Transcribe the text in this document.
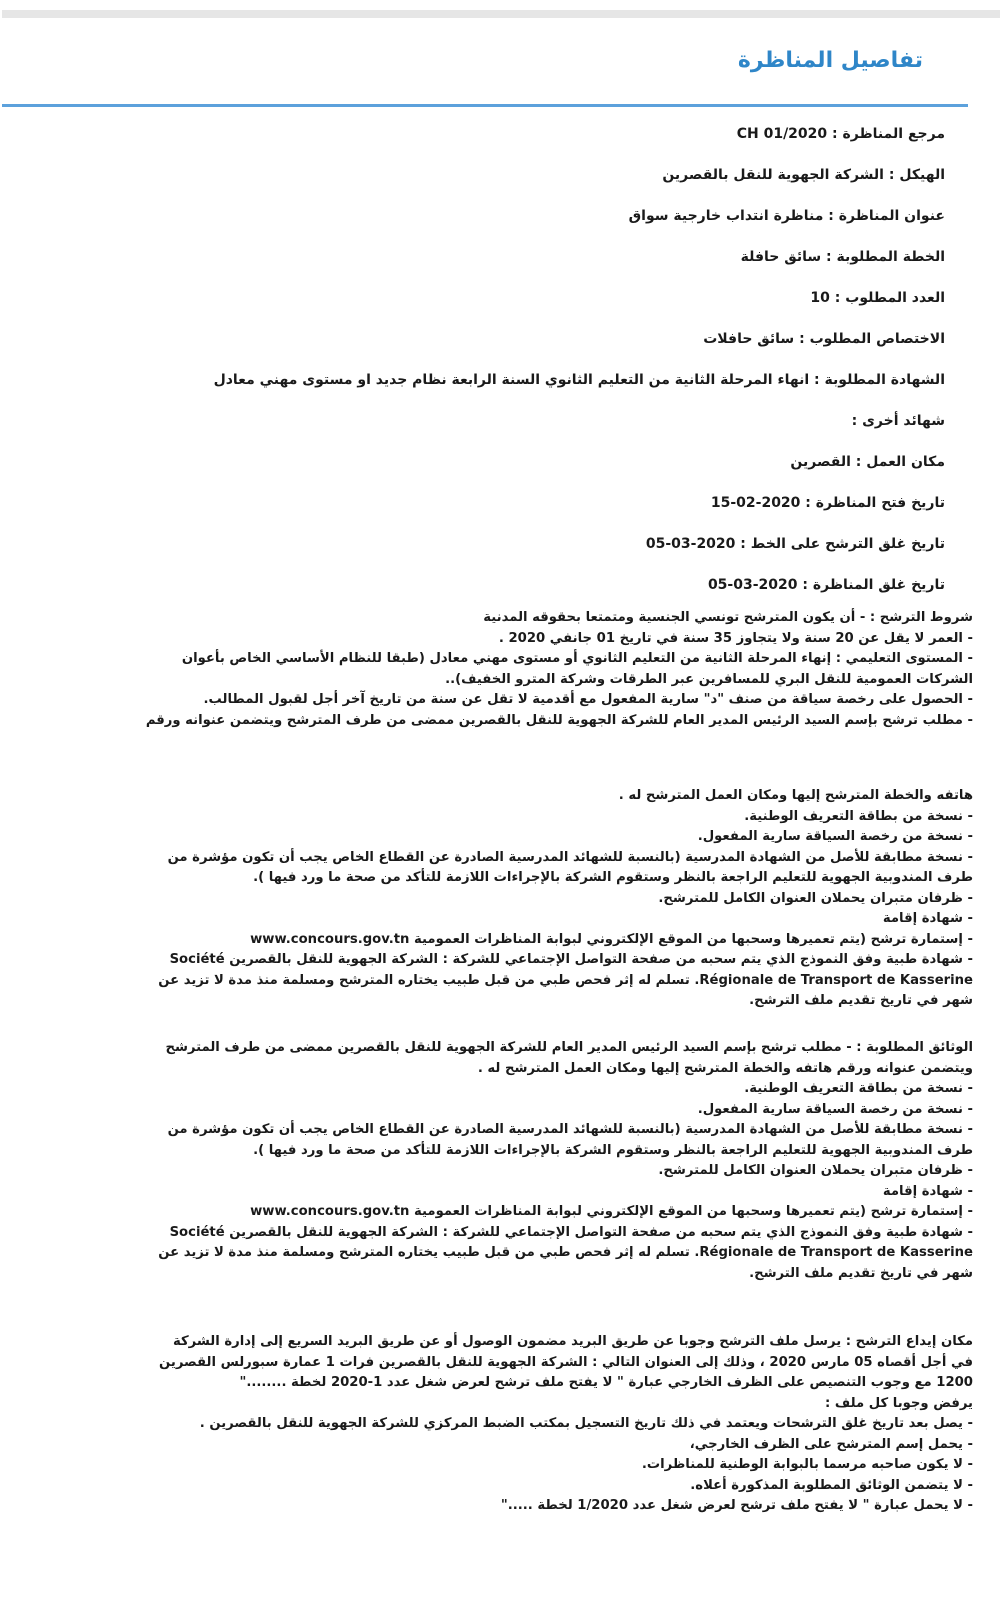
تفاصيل المناظرة
مرجع المناظرة : CH 01/2020
الهيكل : الشركة الجهوية للنقل بالقصرين
عنوان المناظرة : مناظرة انتداب خارجية سواق
الخطة المطلوبة : سائق حافلة
العدد المطلوب : 10
الاختصاص المطلوب : سائق حافلات
الشهادة المطلوبة : انهاء المرحلة الثانية من التعليم الثانوي السنة الرابعة نظام جديد او مستوى مهني معادل
شهائد أخرى :
مكان العمل : القصرين
تاريخ فتح المناظرة : 2020-02-15
تاريخ غلق الترشح على الخط : 2020-03-05
تاريخ غلق المناظرة : 2020-03-05
شروط الترشح : - أن يكون المترشح تونسي الجنسية ومتمتعا بحقوقه المدنية
- العمر لا يقل عن 20 سنة ولا يتجاوز 35 سنة في تاريخ 01 جانفي 2020 .
- المستوى التعليمي : إنهاء المرحلة الثانية من التعليم الثانوي أو مستوى مهني معادل (طبقا للنظام الأساسي الخاص بأعوان
الشركات العمومية للنقل البري للمسافرين عبر الطرقات وشركة المترو الخفيف)..
- الحصول على رخصة سياقة من صنف "د" سارية المفعول مع أقدمية لا تقل عن سنة من تاريخ آخر أجل لقبول المطالب.
- مطلب ترشح بإسم السيد الرئيس المدير العام للشركة الجهوية للنقل بالقصرين ممضى من طرف المترشح ويتضمن عنوانه ورقم
هاتفه والخطة المترشح إليها ومكان العمل المترشح له .
- نسخة من بطاقة التعريف الوطنية.
- نسخة من رخصة السياقة سارية المفعول.
- نسخة مطابقة للأصل من الشهادة المدرسية (بالنسبة للشهائد المدرسية الصادرة عن القطاع الخاص يجب أن تكون مؤشرة من
طرف المندوبية الجهوية للتعليم الراجعة بالنظر وستقوم الشركة بالإجراءات اللازمة للتأكد من صحة ما ورد فيها ).
- ظرفان متبران يحملان العنوان الكامل للمترشح.
- شهادة إقامة
- إستمارة ترشح (يتم تعميرها وسحبها من الموقع الإلكتروني لبوابة المناظرات العمومية www.concours.gov.tn
- شهادة طبية وفق النموذج الذي يتم سحبه من صفحة التواصل الإجتماعي للشركة : الشركة الجهوية للنقل بالقصرين Société
Régionale de Transport de Kasserine. تسلم له إثر فحص طبي من قبل طبيب يختاره المترشح ومسلمة منذ مدة لا تزيد عن
شهر في تاريخ تقديم ملف الترشح.
الوثائق المطلوبة : - مطلب ترشح بإسم السيد الرئيس المدير العام للشركة الجهوية للنقل بالقصرين ممضى من طرف المترشح
ويتضمن عنوانه ورقم هاتفه والخطة المترشح إليها ومكان العمل المترشح له .
- نسخة من بطاقة التعريف الوطنية.
- نسخة من رخصة السياقة سارية المفعول.
- نسخة مطابقة للأصل من الشهادة المدرسية (بالنسبة للشهائد المدرسية الصادرة عن القطاع الخاص يجب أن تكون مؤشرة من
طرف المندوبية الجهوية للتعليم الراجعة بالنظر وستقوم الشركة بالإجراءات اللازمة للتأكد من صحة ما ورد فيها ).
- ظرفان متبران يحملان العنوان الكامل للمترشح.
- شهادة إقامة
- إستمارة ترشح (يتم تعميرها وسحبها من الموقع الإلكتروني لبوابة المناظرات العمومية www.concours.gov.tn
- شهادة طبية وفق النموذج الذي يتم سحبه من صفحة التواصل الإجتماعي للشركة : الشركة الجهوية للنقل بالقصرين Société
Régionale de Transport de Kasserine. تسلم له إثر فحص طبي من قبل طبيب يختاره المترشح ومسلمة منذ مدة لا تزيد عن
شهر في تاريخ تقديم ملف الترشح.
مكان إيداع الترشح : يرسل ملف الترشح وجوبا عن طريق البريد مضمون الوصول أو عن طريق البريد السريع إلى إدارة الشركة
في أجل أقصاه 05 مارس 2020 ، وذلك إلى العنوان التالي : الشركة الجهوية للنقل بالقصرين فرات 1 عمارة سبورلس القصرين
1200 مع وجوب التنصيص على الظرف الخارجي عبارة " لا يفتح ملف ترشح لعرض شغل عدد 1-2020 لخطة ........"
يرفض وجوبا كل ملف :
- يصل بعد تاريخ غلق الترشحات ويعتمد في ذلك تاريخ التسجيل بمكتب الضبط المركزي للشركة الجهوية للنقل بالقصرين .
- يحمل إسم المترشح على الظرف الخارجي،
- لا يكون صاحبه مرسما بالبوابة الوطنية للمناظرات.
- لا يتضمن الوثائق المطلوبة المذكورة أعلاه.
- لا يحمل عبارة " لا يفتح ملف ترشح لعرض شغل عدد 1/2020 لخطة ....."
